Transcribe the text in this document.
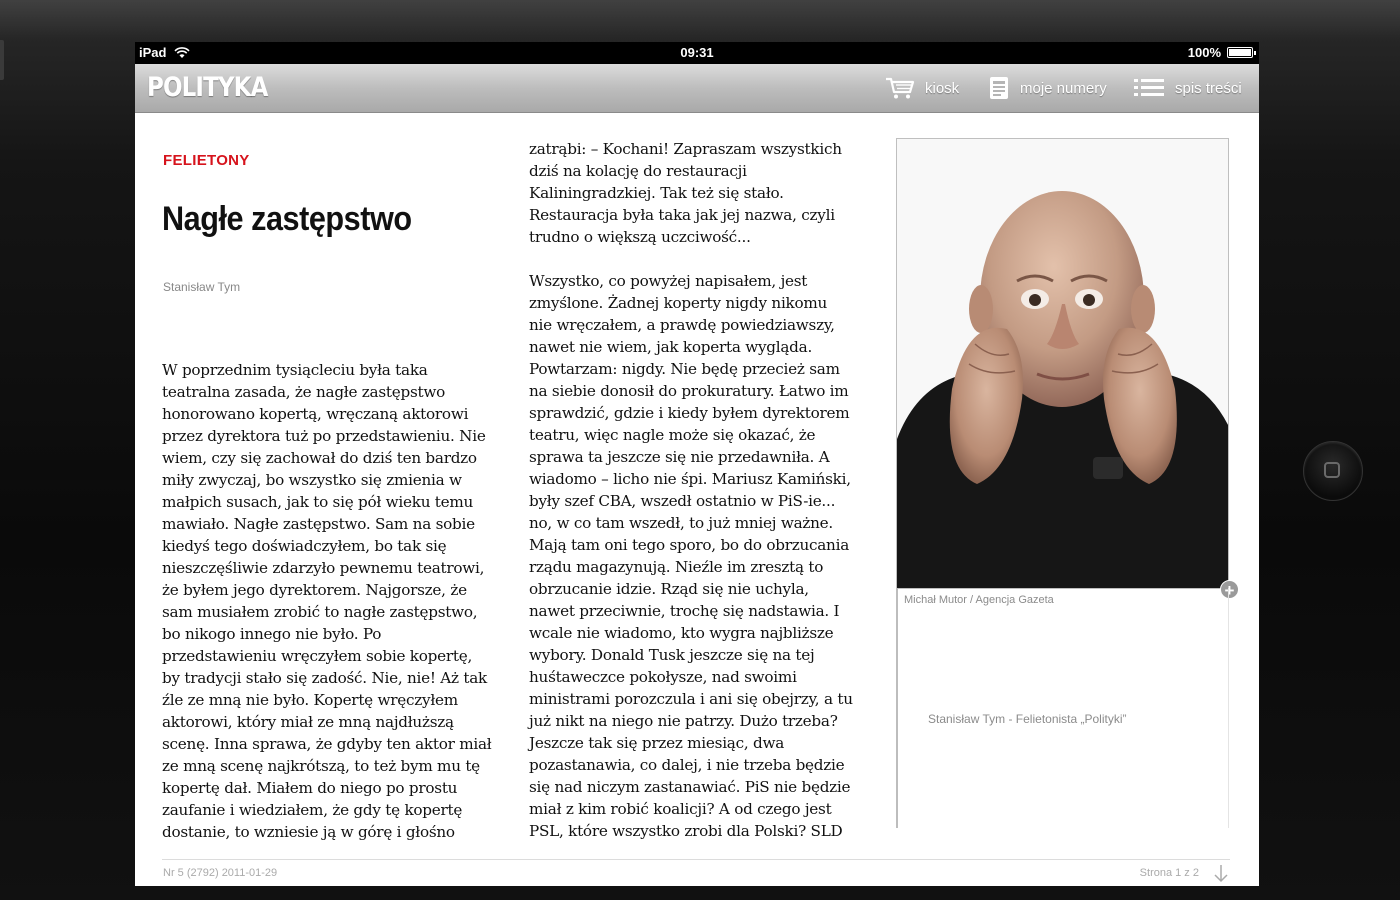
iPad	09:31	100%
POLITYKA	kiosk	moje numery	spis treści
FELIETONY
Nagłe zastępstwo
Stanisław Tym
W poprzednim tysiącleciu była taka
teatralna zasada, że nagłe zastępstwo
honorowano kopertą, wręczaną aktorowi
przez dyrektora tuż po przedstawieniu. Nie
wiem, czy się zachował do dziś ten bardzo
miły zwyczaj, bo wszystko się zmienia w
małpich susach, jak to się pół wieku temu
mawiało. Nagłe zastępstwo. Sam na sobie
kiedyś tego doświadczyłem, bo tak się
nieszczęśliwie zdarzyło pewnemu teatrowi,
że byłem jego dyrektorem. Najgorsze, że
sam musiałem zrobić to nagłe zastępstwo,
bo nikogo innego nie było. Po
przedstawieniu wręczyłem sobie kopertę,
by tradycji stało się zadość. Nie, nie! Aż tak
źle ze mną nie było. Kopertę wręczyłem
aktorowi, który miał ze mną najdłuższą
scenę. Inna sprawa, że gdyby ten aktor miał
ze mną scenę najkrótszą, to też bym mu tę
kopertę dał. Miałem do niego po prostu
zaufanie i wiedziałem, że gdy tę kopertę
dostanie, to wzniesie ją w górę i głośno
zatrąbi: – Kochani! Zapraszam wszystkich
dziś na kolację do restauracji
Kaliningradzkiej. Tak też się stało.
Restauracja była taka jak jej nazwa, czyli
trudno o większą uczciwość...
Wszystko, co powyżej napisałem, jest
zmyślone. Żadnej koperty nigdy nikomu
nie wręczałem, a prawdę powiedziawszy,
nawet nie wiem, jak koperta wygląda.
Powtarzam: nigdy. Nie będę przecież sam
na siebie donosił do prokuratury. Łatwo im
sprawdzić, gdzie i kiedy byłem dyrektorem
teatru, więc nagle może się okazać, że
sprawa ta jeszcze się nie przedawniła. A
wiadomo – licho nie śpi. Mariusz Kamiński,
były szef CBA, wszedł ostatnio w PiS-ie...
no, w co tam wszedł, to już mniej ważne.
Mają tam oni tego sporo, bo do obrzucania
rządu magazynują. Nieźle im zresztą to
obrzucanie idzie. Rząd się nie uchyla,
nawet przeciwnie, trochę się nadstawia. I
wcale nie wiadomo, kto wygra najbliższe
wybory. Donald Tusk jeszcze się na tej
huśtaweczce pokołysze, nad swoimi
ministrami porozczula i ani się obejrzy, a tu
już nikt na niego nie patrzy. Dużo trzeba?
Jeszcze tak się przez miesiąc, dwa
pozastanawia, co dalej, i nie trzeba będzie
się nad niczym zastanawiać. PiS nie będzie
miał z kim robić koalicji? A od czego jest
PSL, które wszystko zrobi dla Polski? SLD
+
Michał Mutor / Agencja Gazeta
Stanisław Tym - Felietonista „Polityki”
Nr 5 (2792) 2011-01-29	Strona 1 z 2
